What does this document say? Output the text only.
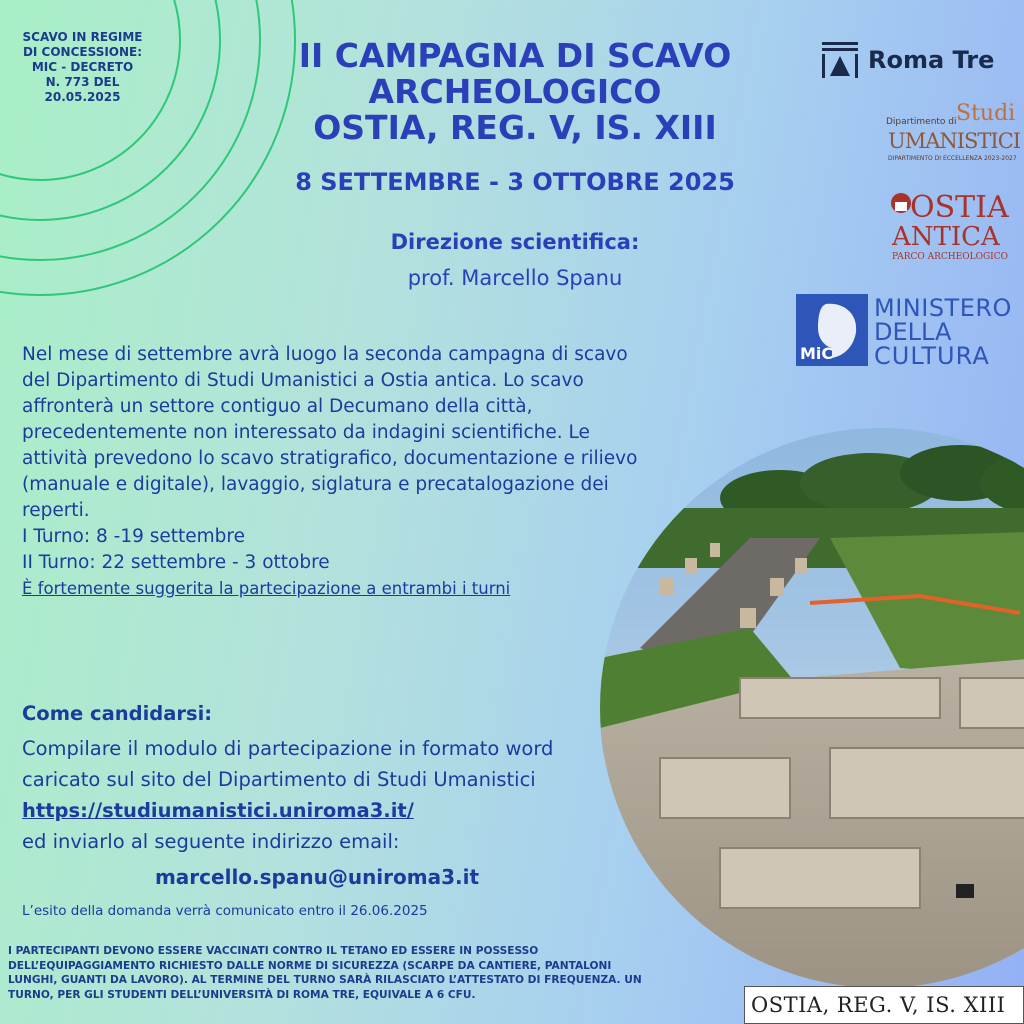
SCAVO IN REGIME
DI CONCESSIONE:
MIC - DECRETO
N. 773 DEL
20.05.2025
II CAMPAGNA DI SCAVO
ARCHEOLOGICO
OSTIA, REG. V, IS. XIII
8 SETTEMBRE - 3 OTTOBRE 2025
Direzione scientifica:
prof. Marcello Spanu

Nel mese di settembre avrà luogo la seconda campagna di scavo del Dipartimento di Studi Umanistici a Ostia antica. Lo scavo affronterà un settore contiguo al Decumano della città, precedentemente non interessato da indagini scientifiche. Le attività prevedono lo scavo stratigrafico, documentazione e rilievo (manuale e digitale), lavaggio, siglatura e precatalogazione dei reperti.

I Turno: 8 -19 settembre

II Turno: 22 settembre - 3 ottobre

È fortemente suggerita la partecipazione a entrambi i turni

Come candidarsi:
Compilare il modulo di partecipazione in formato word caricato sul sito del Dipartimento di Studi Umanistici https://studiumanistici.uniroma3.it/
ed inviarlo al seguente indirizzo email:
marcello.spanu@uniroma3.it
L’esito della domanda verrà comunicato entro il 26.06.2025
I PARTECIPANTI DEVONO ESSERE VACCINATI CONTRO IL TETANO ED ESSERE IN POSSESSO DELL’EQUIPAGGIAMENTO RICHIESTO DALLE NORME DI SICUREZZA (SCARPE DA CANTIERE, PANTALONI LUNGHI, GUANTI DA LAVORO). AL TERMINE DEL TURNO SARÀ RILASCIATO L’ATTESTATO DI FREQUENZA. UN TURNO, PER GLI STUDENTI DELL’UNIVERSITÀ DI ROMA TRE, EQUIVALE A 6 CFU.
Roma Tre
Dipartimento di Studi
UMANISTICI
DIPARTIMENTO DI ECCELLENZA 2023-2027
OSTIA
ANTICA
PARCO ARCHEOLOGICO
MiC
MINISTERO
DELLA
CULTURA
OSTIA, REG. V, IS. XIII
